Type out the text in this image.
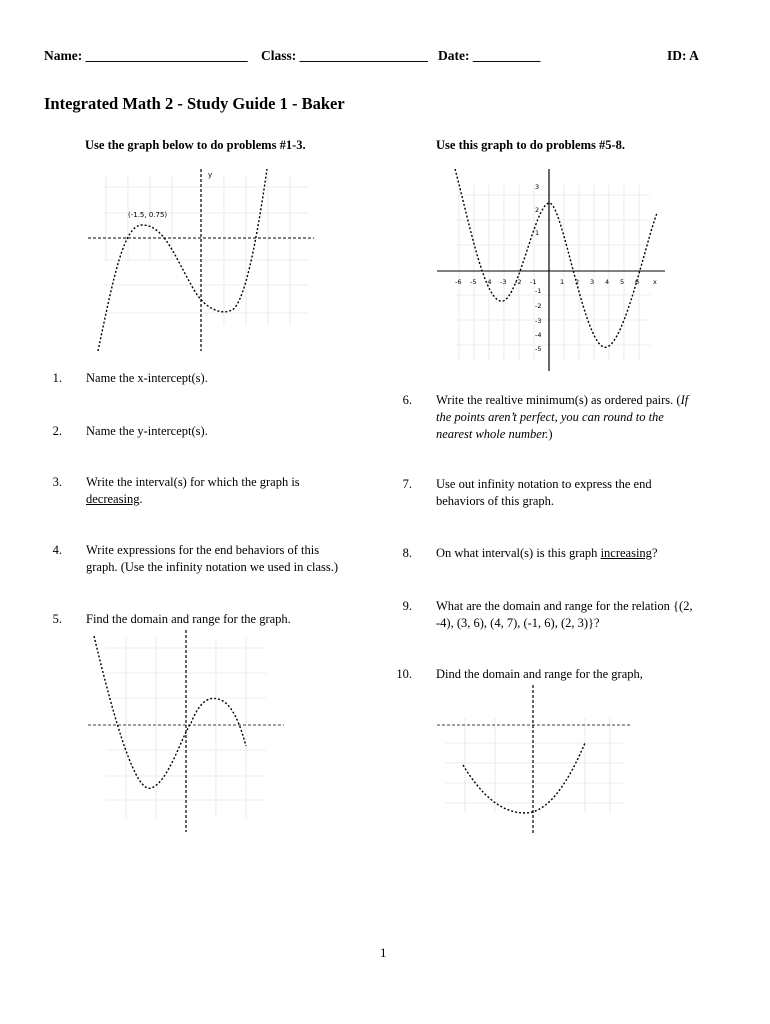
Name: ________________________ Class: ___________________ Date: __________	ID: A
Integrated Math 2 - Study Guide 1 - Baker
Use the graph below to do problems #1-3.	Use this graph to do problems #5-8.
(-1.5, 0.75)
y
-6 -5 -4 -3 -2 -1	1 2 3 4 5 6 x
3
2
1
-1
-2
-3
-4
-5
1. Name the x-intercept(s).
2. Name the y-intercept(s).
3. Write the interval(s) for which the graph is
decreasing.
4. Write expressions for the end behaviors of this
graph. (Use the infinity notation we used in class.)
5. Find the domain and range for the graph.
6. Write the realtive minimum(s) as ordered pairs. (If
the points aren’t perfect, you can round to the
nearest whole number.)
7. Use out infinity notation to express the end
behaviors of this graph.
8. On what interval(s) is this graph increasing?
9. What are the domain and range for the relation {(2,
-4), (3, 6), (4, 7), (-1, 6), (2, 3)}?
10. Dind the domain and range for the graph,
1
